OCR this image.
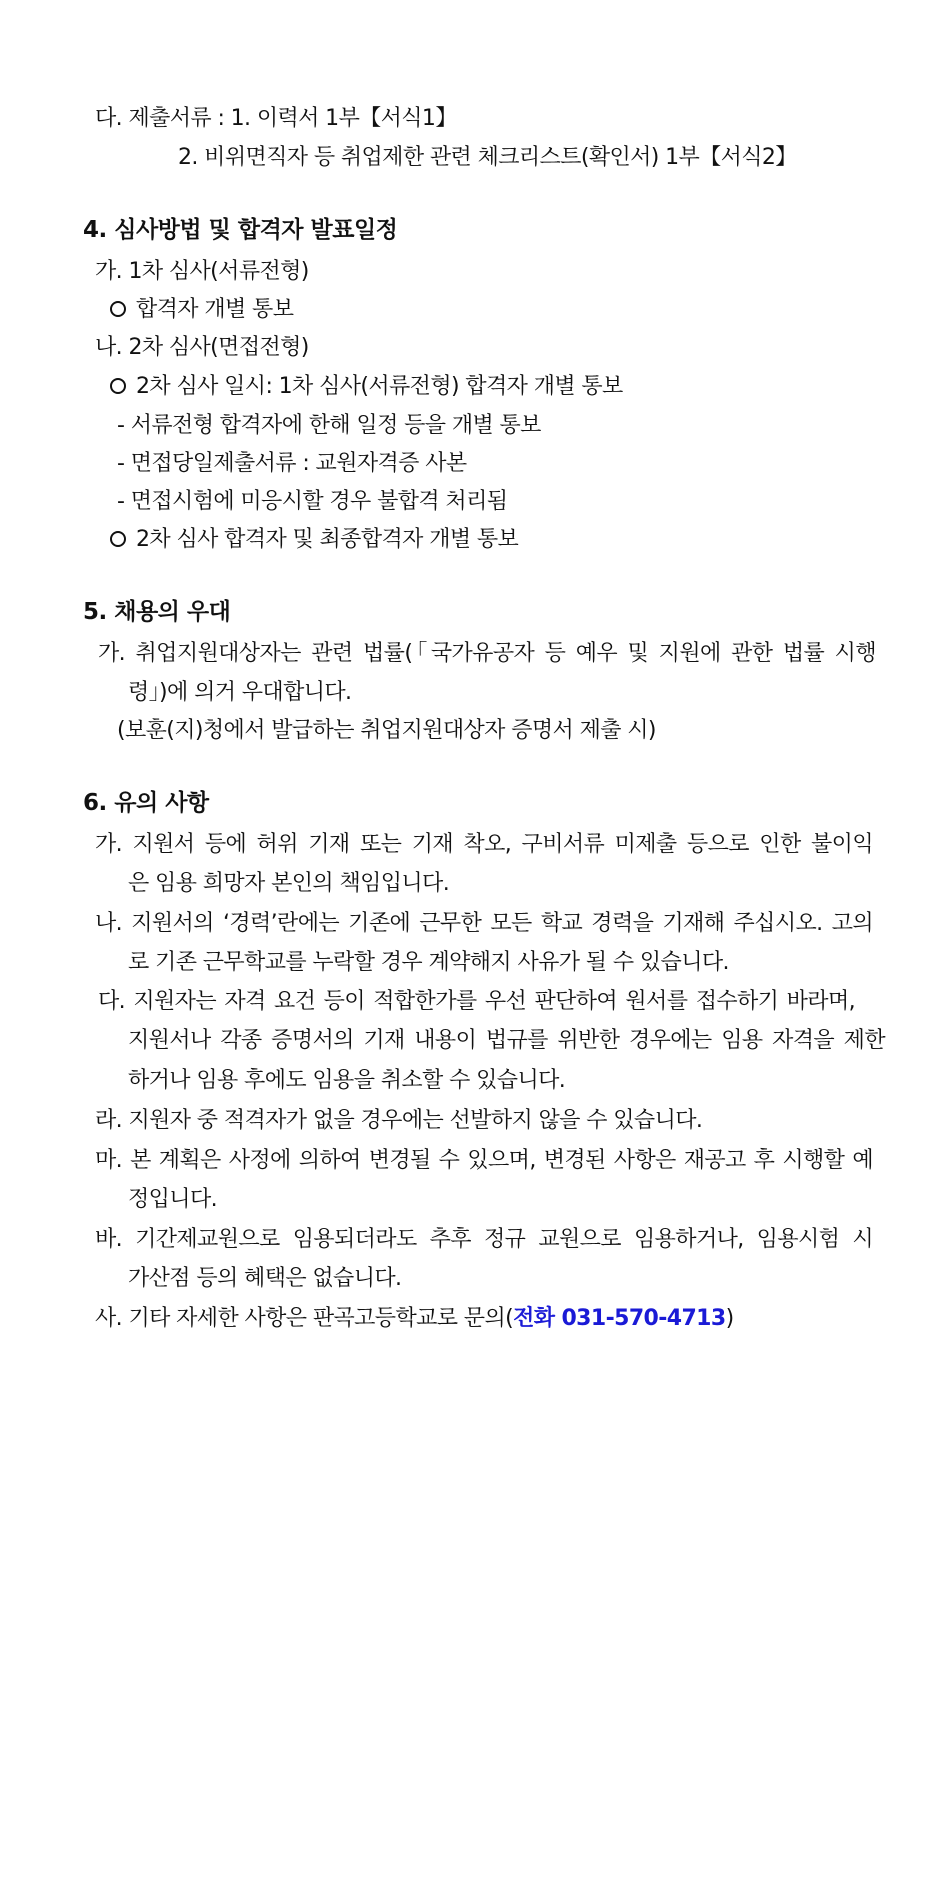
다. 제출서류 : 1. 이력서 1부【서식1】
2. 비위면직자 등 취업제한 관련 체크리스트(확인서) 1부【서식2】
4. 심사방법 및 합격자 발표일정
가. 1차 심사(서류전형)
합격자 개별 통보
나. 2차 심사(면접전형)
2차 심사 일시: 1차 심사(서류전형) 합격자 개별 통보
- 서류전형 합격자에 한해 일정 등을 개별 통보
- 면접당일제출서류 : 교원자격증 사본
- 면접시험에 미응시할 경우 불합격 처리됨
2차 심사 합격자 및 최종합격자 개별 통보
5. 채용의 우대
가. 취업지원대상자는 관련 법률(「국가유공자 등 예우 및 지원에 관한 법률 시행
령」)에 의거 우대합니다.
(보훈(지)청에서 발급하는 취업지원대상자 증명서 제출 시)
6. 유의 사항
가. 지원서 등에 허위 기재 또는 기재 착오, 구비서류 미제출 등으로 인한 불이익
은 임용 희망자 본인의 책임입니다.
나. 지원서의 ‘경력’란에는 기존에 근무한 모든 학교 경력을 기재해 주십시오. 고의
로 기존 근무학교를 누락할 경우 계약해지 사유가 될 수 있습니다.
다. 지원자는 자격 요건 등이 적합한가를 우선 판단하여 원서를 접수하기 바라며,
지원서나 각종 증명서의 기재 내용이 법규를 위반한 경우에는 임용 자격을 제한
하거나 임용 후에도 임용을 취소할 수 있습니다.
라. 지원자 중 적격자가 없을 경우에는 선발하지 않을 수 있습니다.
마. 본 계획은 사정에 의하여 변경될 수 있으며, 변경된 사항은 재공고 후 시행할 예
정입니다.
바. 기간제교원으로 임용되더라도 추후 정규 교원으로 임용하거나, 임용시험 시
가산점 등의 혜택은 없습니다.
사. 기타 자세한 사항은 판곡고등학교로 문의(전화 031-570-4713)
